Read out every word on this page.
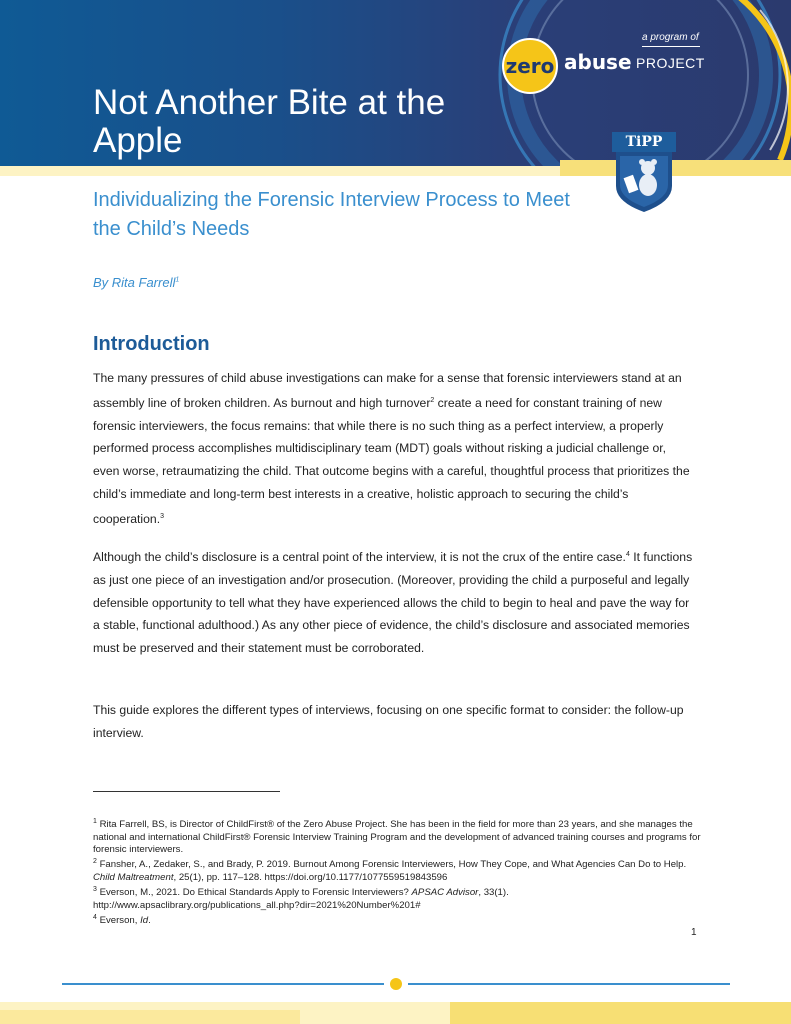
Not Another Bite at the Apple
a program of
zero abuse PROJECT
TiPP
Individualizing the Forensic Interview Process to Meet the Child’s Needs
By Rita Farrell$^1$
Introduction

The many pressures of child abuse investigations can make for a sense that forensic interviewers stand at an assembly line of broken children. As burnout and high turnover$^2$ create a need for constant training of new forensic interviewers, the focus remains: that while there is no such thing as a perfect interview, a properly performed process accomplishes multidisciplinary team (MDT) goals without risking a judicial challenge or, even worse, retraumatizing the child. That outcome begins with a careful, thoughtful process that prioritizes the child’s immediate and long-term best interests in a creative, holistic approach to securing the child’s cooperation.$^3$

Although the child’s disclosure is a central point of the interview, it is not the crux of the entire case.$^4$ It functions as just one piece of an investigation and/or prosecution. (Moreover, providing the child a purposeful and legally defensible opportunity to tell what they have experienced allows the child to begin to heal and pave the way for a stable, functional adulthood.) As any other piece of evidence, the child’s disclosure and associated memories must be preserved and their statement must be corroborated.

This guide explores the different types of interviews, focusing on one specific format to consider: the follow-up interview.

$^1$ Rita Farrell, BS, is Director of ChildFirst® of the Zero Abuse Project. She has been in the field for more than 23 years, and she manages the national and international ChildFirst® Forensic Interview Training Program and the development of advanced training courses and programs for forensic interviewers.

$^2$ Fansher, A., Zedaker, S., and Brady, P. 2019. Burnout Among Forensic Interviewers, How They Cope, and What Agencies Can Do to Help. Child Maltreatment, 25(1), pp. 117–128. https://doi.org/10.1177/1077559519843596

$^3$ Everson, M., 2021. Do Ethical Standards Apply to Forensic Interviewers? APSAC Advisor, 33(1). http://www.apsaclibrary.org/publications_all.php?dir=2021%20Number%201#

$^4$ Everson, Id.

1
